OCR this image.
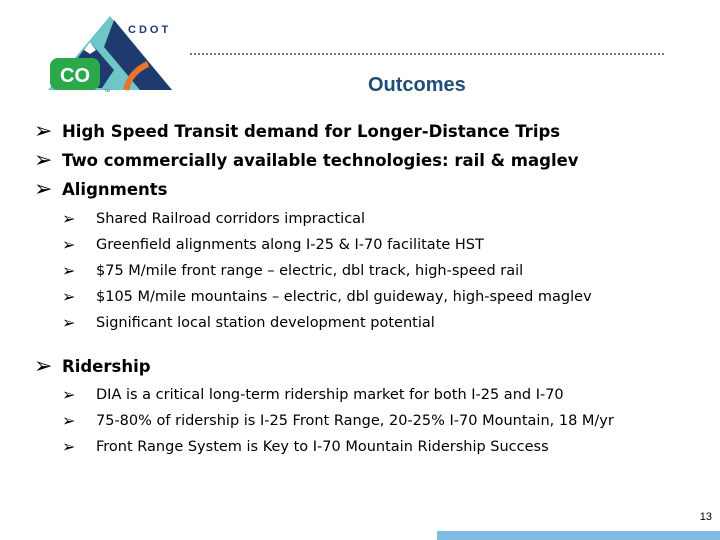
CDOT
CO
TM	Outcomes
➢ High Speed Transit demand for Longer-Distance Trips
➢ Two commercially available technologies: rail & maglev
➢ Alignments
➢	Shared Railroad corridors impractical
➢	Greenfield alignments along I-25 & I-70 facilitate HST
➢	$75 M/mile front range – electric, dbl track, high-speed rail
➢	$105 M/mile mountains – electric, dbl guideway, high-speed maglev
➢	Significant local station development potential
➢ Ridership
➢	DIA is a critical long-term ridership market for both I-25 and I-70
➢	75-80% of ridership is I-25 Front Range, 20-25% I-70 Mountain, 18 M/yr
➢	Front Range System is Key to I-70 Mountain Ridership Success
13
